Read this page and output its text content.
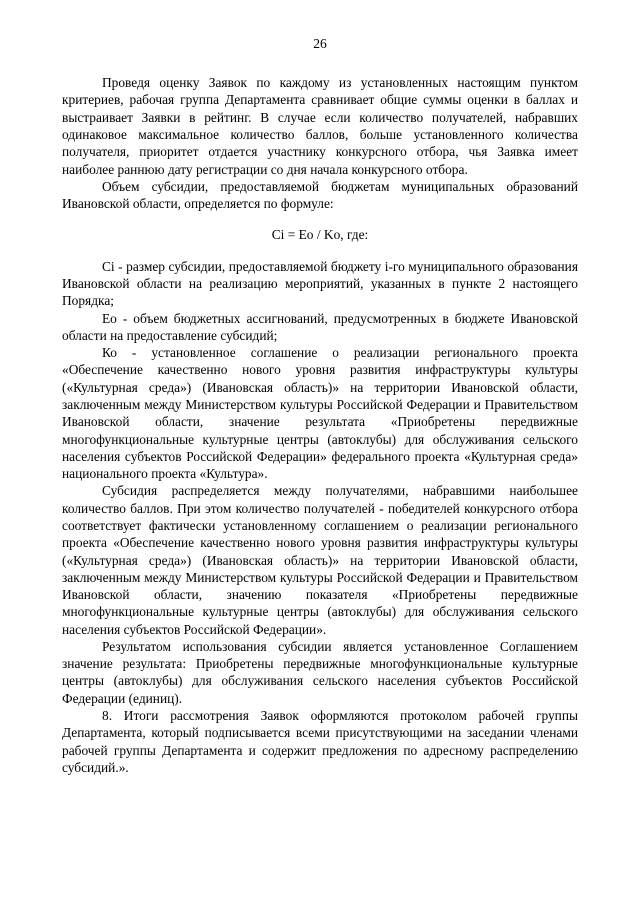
26

Проведя оценку Заявок по каждому из установленных настоящим пунктом критериев, рабочая группа Департамента сравнивает общие суммы оценки в баллах и выстраивает Заявки в рейтинг. В случае если количество получателей, набравших одинаковое максимальное количество баллов, больше установленного количества получателя, приоритет отдается участнику конкурсного отбора, чья Заявка имеет наиболее раннюю дату регистрации со дня начала конкурсного отбора.

Объем субсидии, предоставляемой бюджетам муниципальных образований Ивановской области, определяется по формуле:

Ci = Eo / Ko, где:

Ci - размер субсидии, предоставляемой бюджету i-го муниципального образования Ивановской области на реализацию мероприятий, указанных в пункте 2 настоящего Порядка;

Eo - объем бюджетных ассигнований, предусмотренных в бюджете Ивановской области на предоставление субсидий;

Ко - установленное соглашение о реализации регионального проекта «Обеспечение качественно нового уровня развития инфраструктуры культуры («Культурная среда») (Ивановская область)» на территории Ивановской области, заключенным между Министерством культуры Российской Федерации и Правительством Ивановской области, значение результата «Приобретены передвижные многофункциональные культурные центры (автоклубы) для обслуживания сельского населения субъектов Российской Федерации» федерального проекта «Культурная среда» национального проекта «Культура».

Субсидия распределяется между получателями, набравшими наибольшее количество баллов. При этом количество получателей - победителей конкурсного отбора соответствует фактически установленному соглашением о реализации регионального проекта «Обеспечение качественно нового уровня развития инфраструктуры культуры («Культурная среда») (Ивановская область)» на территории Ивановской области, заключенным между Министерством культуры Российской Федерации и Правительством Ивановской области, значению показателя «Приобретены передвижные многофункциональные культурные центры (автоклубы) для обслуживания сельского населения субъектов Российской Федерации».

Результатом использования субсидии является установленное Соглашением значение результата: Приобретены передвижные многофункциональные культурные центры (автоклубы) для обслуживания сельского населения субъектов Российской Федерации (единиц).

8. Итоги рассмотрения Заявок оформляются протоколом рабочей группы Департамента, который подписывается всеми присутствующими на заседании членами рабочей группы Департамента и содержит предложения по адресному распределению субсидий.».
